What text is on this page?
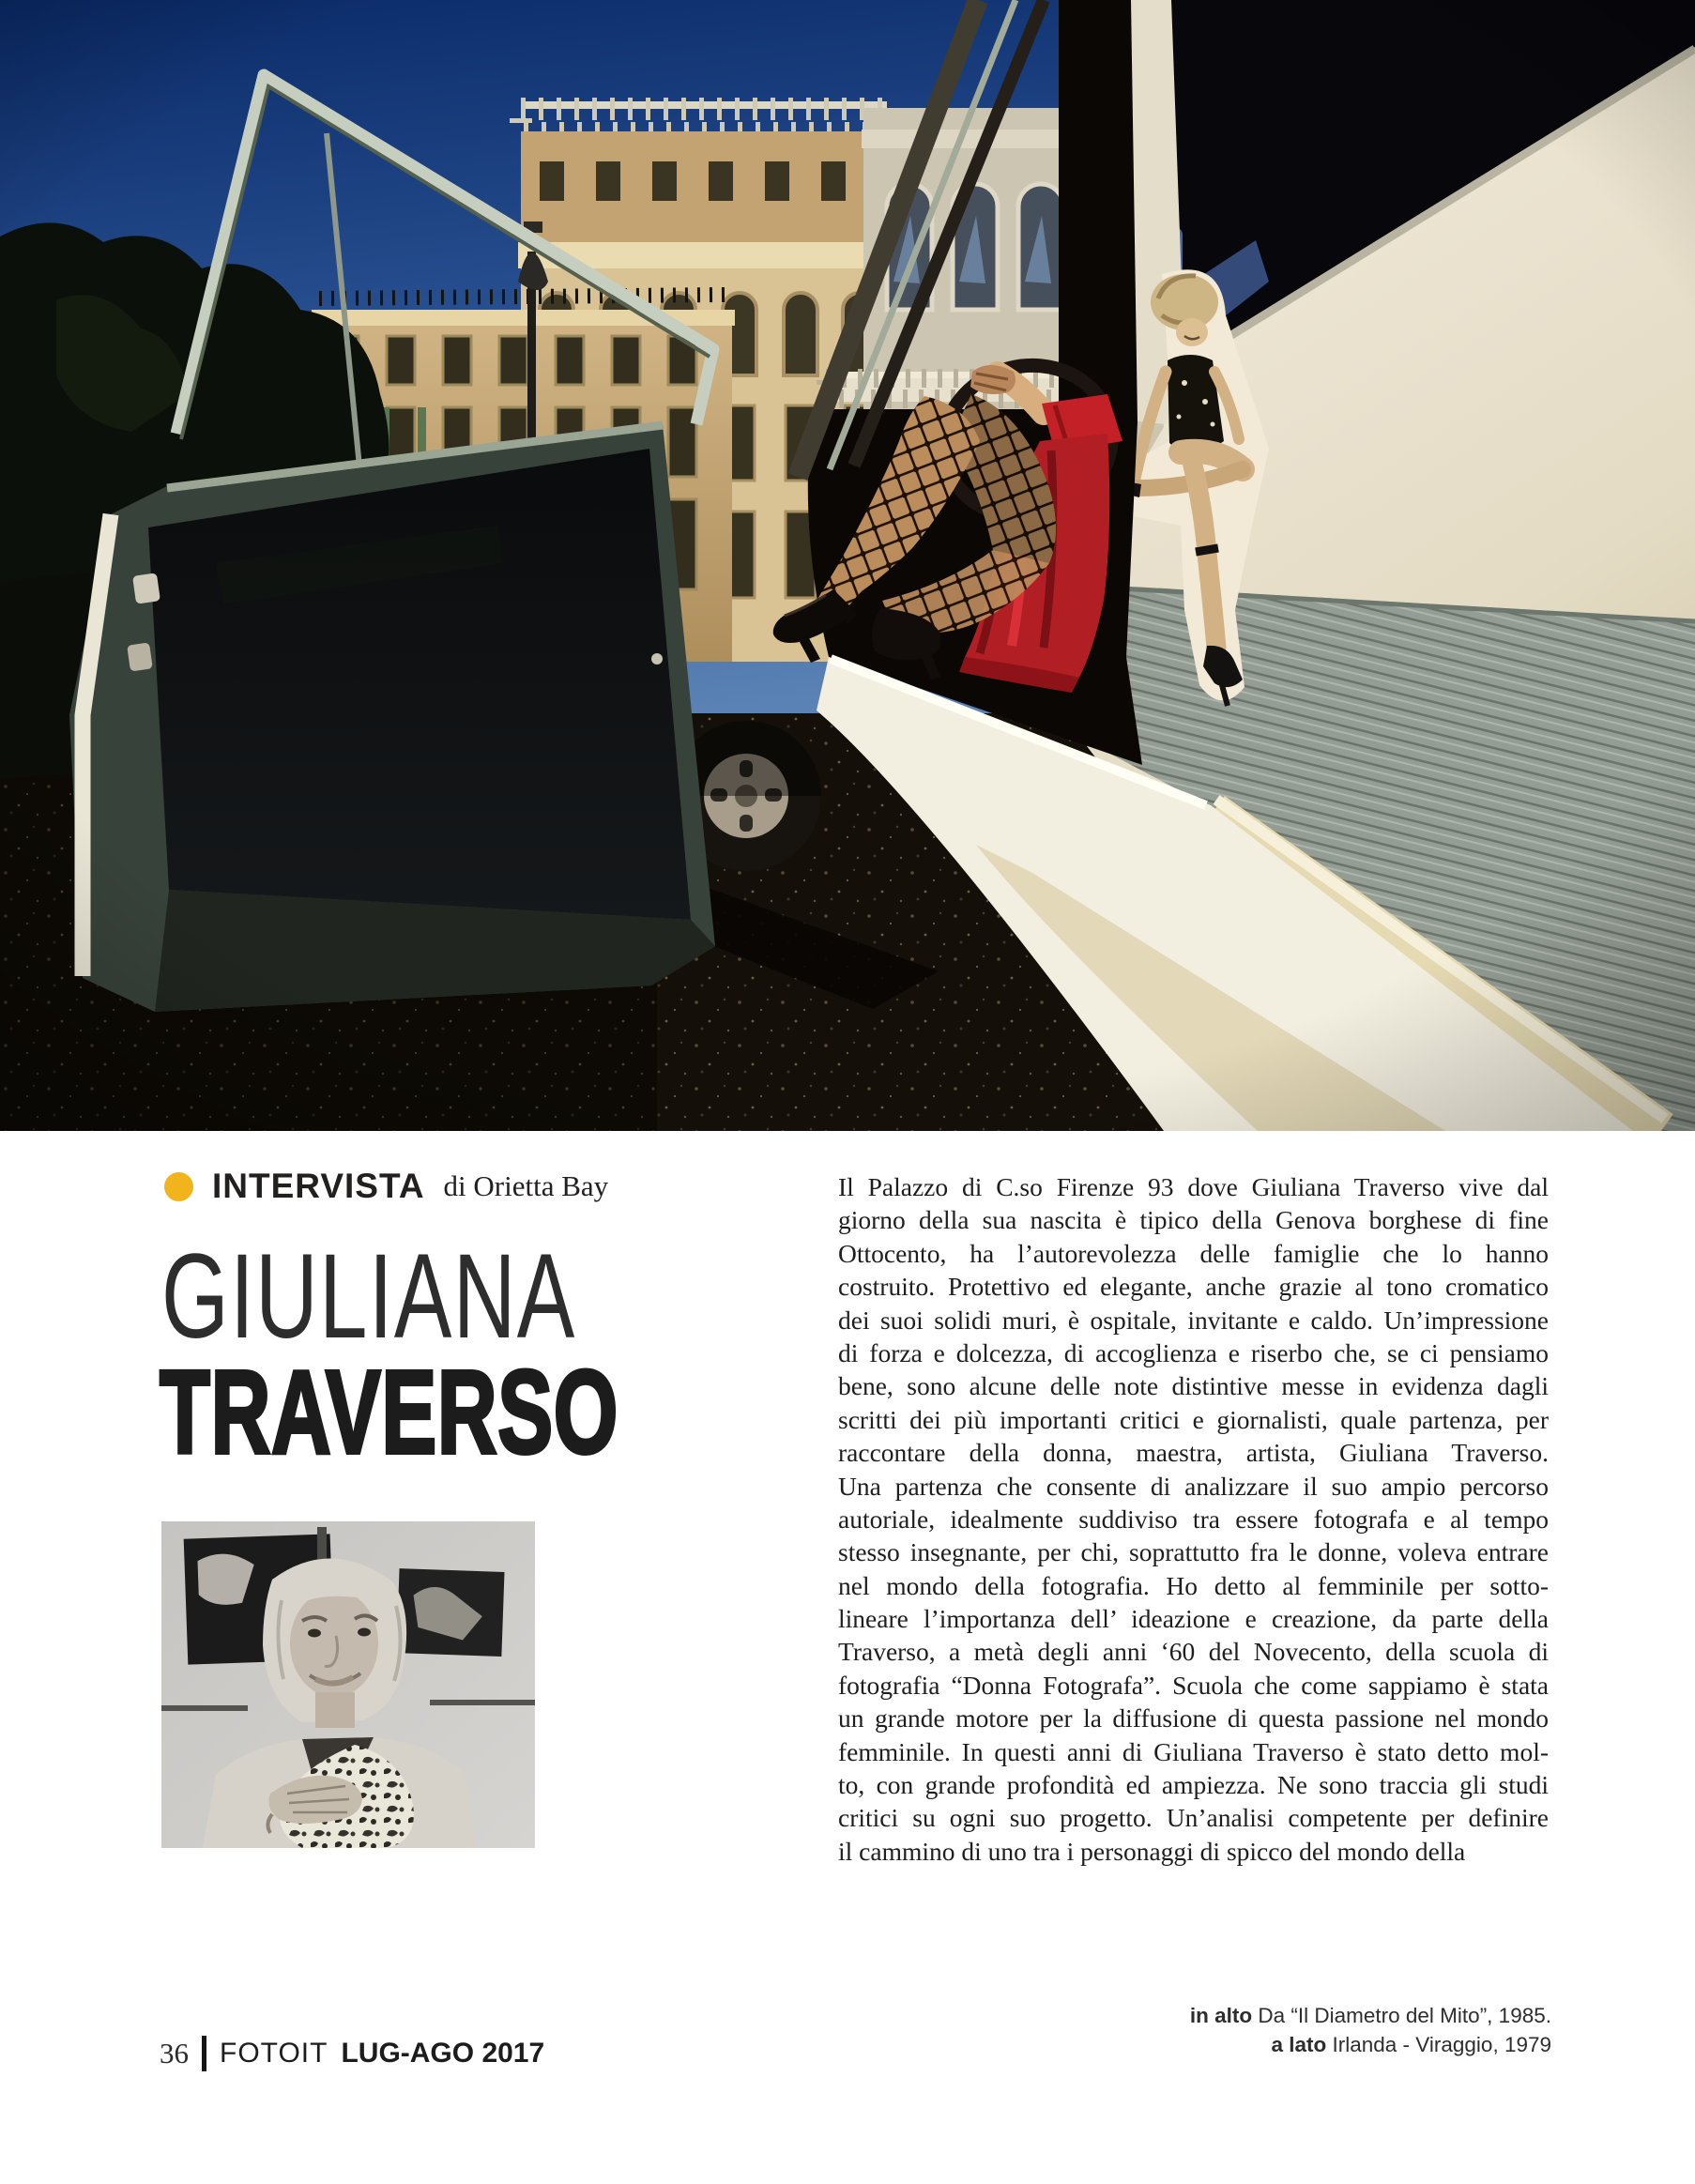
INTERVISTA di Orietta Bay
GIULIANA
TRAVERSO
Il Palazzo di C.so Firenze 93 dove Giuliana Traverso vive dal
giorno della sua nascita è tipico della Genova borghese di fine
Ottocento, ha l’autorevolezza delle famiglie che lo hanno
costruito. Protettivo ed elegante, anche grazie al tono cromatico
dei suoi solidi muri, è ospitale, invitante e caldo. Un’impressione
di forza e dolcezza, di accoglienza e riserbo che, se ci pensiamo
bene, sono alcune delle note distintive messe in evidenza dagli
scritti dei più importanti critici e giornalisti, quale partenza, per
raccontare della donna, maestra, artista, Giuliana Traverso.
Una partenza che consente di analizzare il suo ampio percorso
autoriale, idealmente suddiviso tra essere fotografa e al tempo
stesso insegnante, per chi, soprattutto fra le donne, voleva entrare
nel mondo della fotografia. Ho detto al femminile per sotto-
lineare l’importanza dell’ ideazione e creazione, da parte della
Traverso, a metà degli anni ‘60 del Novecento, della scuola di
fotografia “Donna Fotografa”. Scuola che come sappiamo è stata
un grande motore per la diffusione di questa passione nel mondo
femminile. In questi anni di Giuliana Traverso è stato detto mol-
to, con grande profondità ed ampiezza. Ne sono traccia gli studi
critici su ogni suo progetto. Un’analisi competente per definire
il cammino di uno tra i personaggi di spicco del mondo della
in alto Da “Il Diametro del Mito”, 1985.
a lato Irlanda - Viraggio, 1979
36 FOTOIT LUG-AGO 2017
